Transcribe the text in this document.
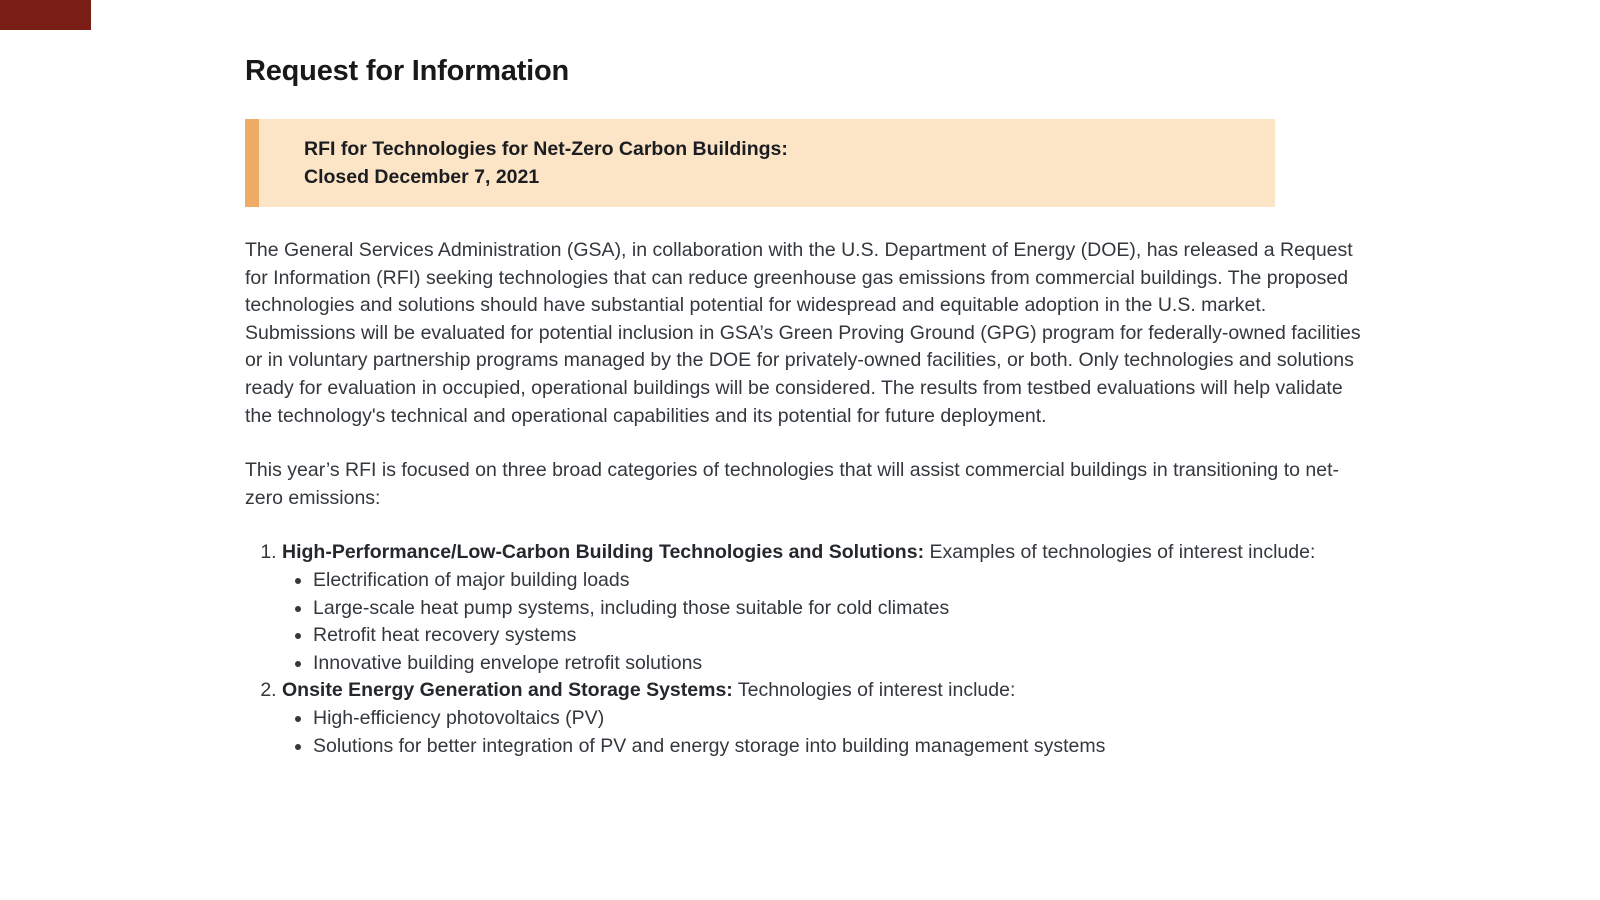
Request for Information

RFI for Technologies for Net-Zero Carbon Buildings:

Closed December 7, 2021

The General Services Administration (GSA), in collaboration with the U.S. Department of Energy (DOE), has released a Request for Information (RFI) seeking technologies that can reduce greenhouse gas emissions from commercial buildings. The proposed technologies and solutions should have substantial potential for widespread and equitable adoption in the U.S. market. Submissions will be evaluated for potential inclusion in GSA’s Green Proving Ground (GPG) program for federally-owned facilities or in voluntary partnership programs managed by the DOE for privately-owned facilities, or both. Only technologies and solutions ready for evaluation in occupied, operational buildings will be considered. The results from testbed evaluations will help validate the technology's technical and operational capabilities and its potential for future deployment.

This year’s RFI is focused on three broad categories of technologies that will assist commercial buildings in transitioning to net-zero emissions:

1. High-Performance/Low-Carbon Building Technologies and Solutions: Examples of technologies of interest include:
• Electrification of major building loads
• Large-scale heat pump systems, including those suitable for cold climates
• Retrofit heat recovery systems
• Innovative building envelope retrofit solutions
2. Onsite Energy Generation and Storage Systems: Technologies of interest include:
• High-efficiency photovoltaics (PV)
• Solutions for better integration of PV and energy storage into building management systems
